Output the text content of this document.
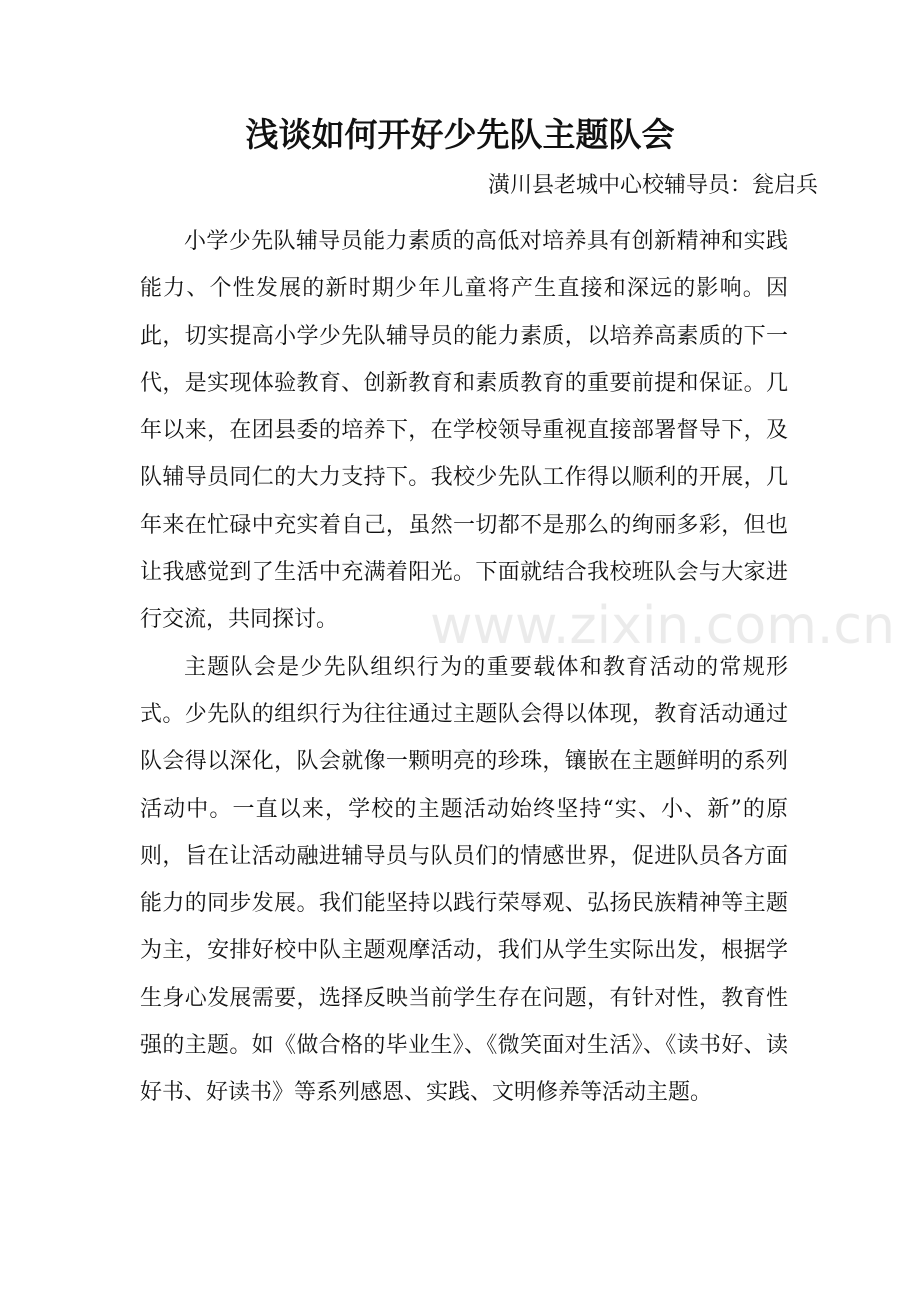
浅谈如何开好少先队主题队会
潢川县老城中心校辅导员：瓮启兵

小学少先队辅导员能力素质的高低对培养具有创新精神和实践能力、个性发展的新时期少年儿童将产生直接和深远的影响。因此，切实提高小学少先队辅导员的能力素质，以培养高素质的下一代，是实现体验教育、创新教育和素质教育的重要前提和保证。几年以来，在团县委的培养下，在学校领导重视直接部署督导下，及队辅导员同仁的大力支持下。我校少先队工作得以顺利的开展，几年来在忙碌中充实着自己，虽然一切都不是那么的绚丽多彩，但也让我感觉到了生活中充满着阳光。下面就结合我校班队会与大家进行交流，共同探讨。

主题队会是少先队组织行为的重要载体和教育活动的常规形式。少先队的组织行为往往通过主题队会得以体现，教育活动通过队会得以深化，队会就像一颗明亮的珍珠，镶嵌在主题鲜明的系列活动中。一直以来，学校的主题活动始终坚持“实、小、新”的原则，旨在让活动融进辅导员与队员们的情感世界，促进队员各方面能力的同步发展。我们能坚持以践行荣辱观、弘扬民族精神等主题为主，安排好校中队主题观摩活动，我们从学生实际出发，根据学生身心发展需要，选择反映当前学生存在问题，有针对性，教育性强的主题。如《做合格的毕业生》、《微笑面对生活》、《读书好、读好书、好读书》等系列感恩、实践、文明修养等活动主题。

www.zixin.com.cn
